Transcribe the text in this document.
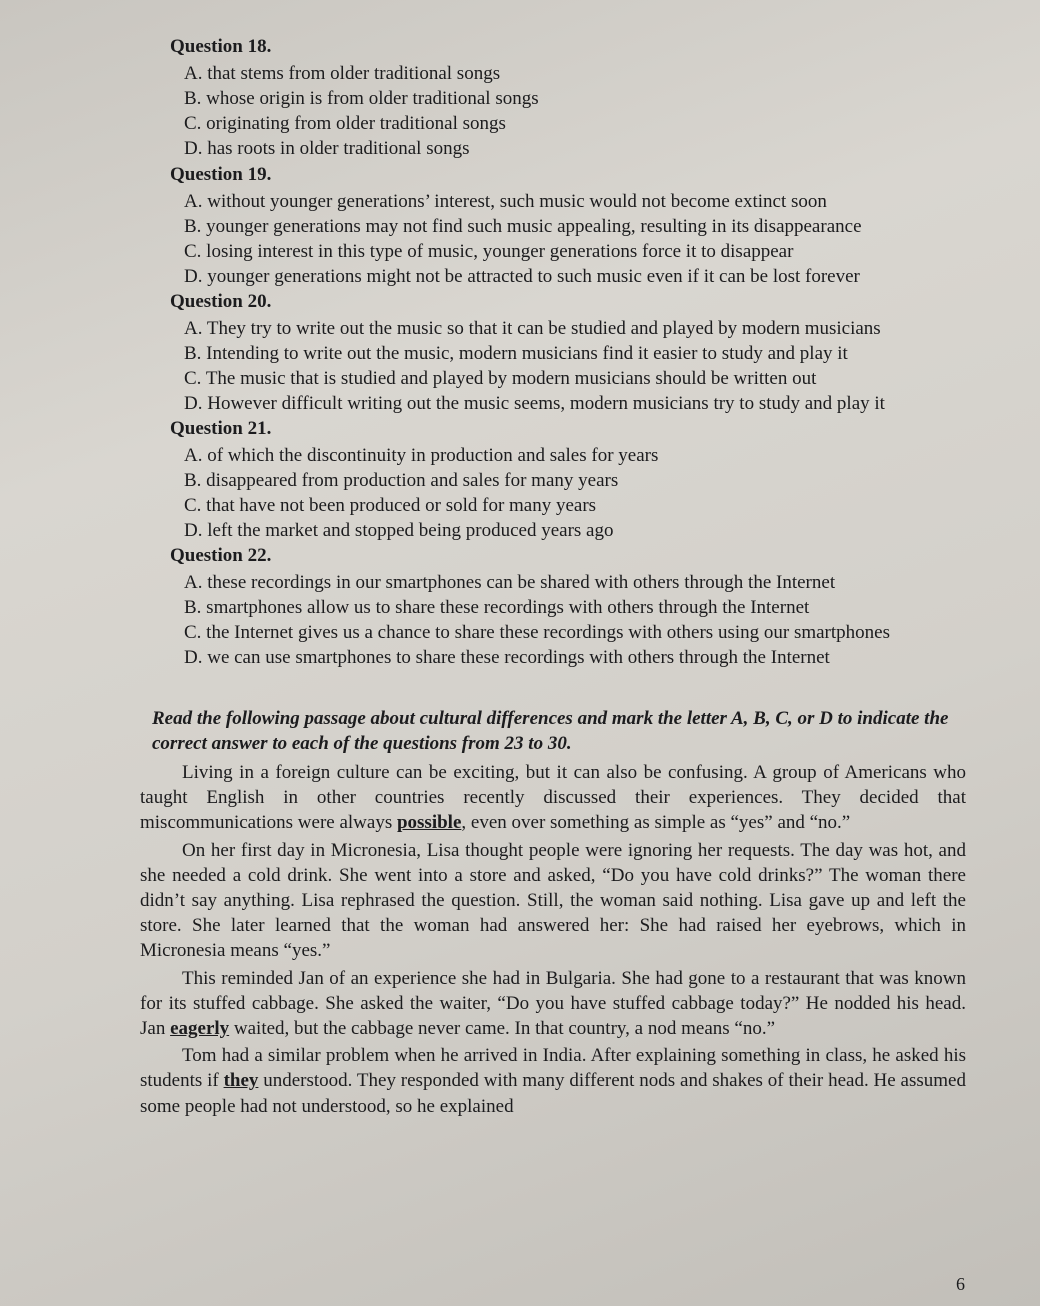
Question 18.
A. that stems from older traditional songs
B. whose origin is from older traditional songs
C. originating from older traditional songs
D. has roots in older traditional songs
Question 19.
A. without younger generations’ interest, such music would not become extinct soon
B. younger generations may not find such music appealing, resulting in its disappearance
C. losing interest in this type of music, younger generations force it to disappear
D. younger generations might not be attracted to such music even if it can be lost forever
Question 20.
A. They try to write out the music so that it can be studied and played by modern musicians
B. Intending to write out the music, modern musicians find it easier to study and play it
C. The music that is studied and played by modern musicians should be written out
D. However difficult writing out the music seems, modern musicians try to study and play it
Question 21.
A. of which the discontinuity in production and sales for years
B. disappeared from production and sales for many years
C. that have not been produced or sold for many years
D. left the market and stopped being produced years ago
Question 22.
A. these recordings in our smartphones can be shared with others through the Internet
B. smartphones allow us to share these recordings with others through the Internet
C. the Internet gives us a chance to share these recordings with others using our smartphones
D. we can use smartphones to share these recordings with others through the Internet
Read the following passage about cultural differences and mark the letter A, B, C, or D to indicate the correct answer to each of the questions from 23 to 30.

Living in a foreign culture can be exciting, but it can also be confusing. A group of Americans who taught English in other countries recently discussed their experiences. They decided that miscommunications were always possible, even over something as simple as “yes” and “no.”

On her first day in Micronesia, Lisa thought people were ignoring her requests. The day was hot, and she needed a cold drink. She went into a store and asked, “Do you have cold drinks?” The woman there didn’t say anything. Lisa rephrased the question. Still, the woman said nothing. Lisa gave up and left the store. She later learned that the woman had answered her: She had raised her eyebrows, which in Micronesia means “yes.”

This reminded Jan of an experience she had in Bulgaria. She had gone to a restaurant that was known for its stuffed cabbage. She asked the waiter, “Do you have stuffed cabbage today?” He nodded his head. Jan eagerly waited, but the cabbage never came. In that country, a nod means “no.”

Tom had a similar problem when he arrived in India. After explaining something in class, he asked his students if they understood. They responded with many different nods and shakes of their head. He assumed some people had not understood, so he explained

6
